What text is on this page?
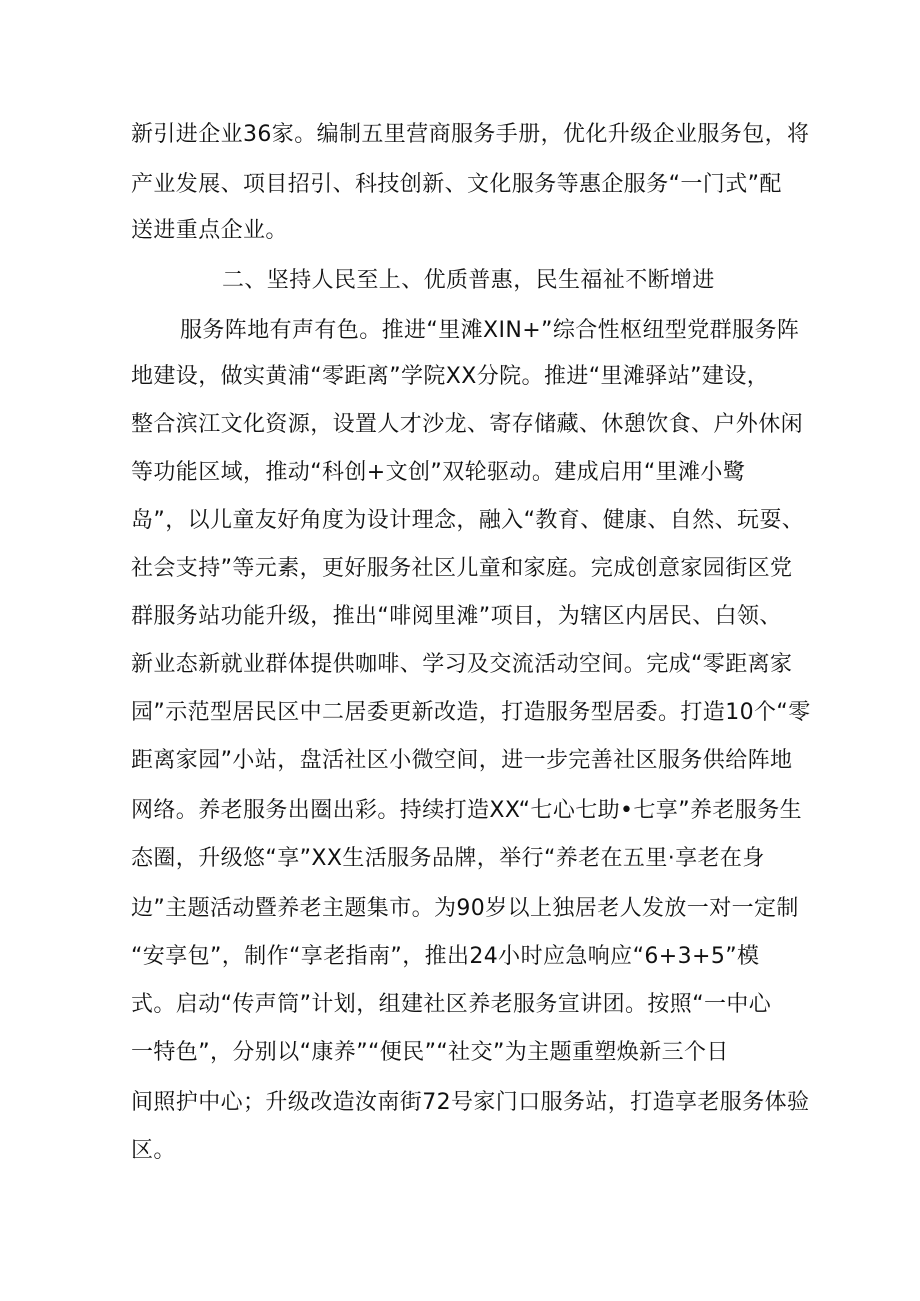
新引进企业36家。编制五里营商服务手册，优化升级企业服务包，将
产业发展、项目招引、科技创新、文化服务等惠企服务“一门式”配
送进重点企业。
二、坚持人民至上、优质普惠，民生福祉不断增进
服务阵地有声有色。推进“里滩XIN+”综合性枢纽型党群服务阵
地建设，做实黄浦“零距离”学院XX分院。推进“里滩驿站”建设，
整合滨江文化资源，设置人才沙龙、寄存储藏、休憩饮食、户外休闲
等功能区域，推动“科创+文创”双轮驱动。建成启用“里滩小鹭
岛”，以儿童友好角度为设计理念，融入“教育、健康、自然、玩耍、
社会支持”等元素，更好服务社区儿童和家庭。完成创意家园街区党
群服务站功能升级，推出“啡阅里滩”项目，为辖区内居民、白领、
新业态新就业群体提供咖啡、学习及交流活动空间。完成“零距离家
园”示范型居民区中二居委更新改造，打造服务型居委。打造10个“零
距离家园”小站，盘活社区小微空间，进一步完善社区服务供给阵地
网络。养老服务出圈出彩。持续打造XX“七心七助•七享”养老服务生
态圈，升级悠“享”XX生活服务品牌，举行“养老在五里·享老在身
边”主题活动暨养老主题集市。为90岁以上独居老人发放一对一定制
“安享包”，制作“享老指南”，推出24小时应急响应“6+3+5”模
式。启动“传声筒”计划，组建社区养老服务宣讲团。按照“一中心
一特色”，分别以“康养”“便民”“社交”为主题重塑焕新三个日
间照护中心；升级改造汝南街72号家门口服务站，打造享老服务体验
区。
